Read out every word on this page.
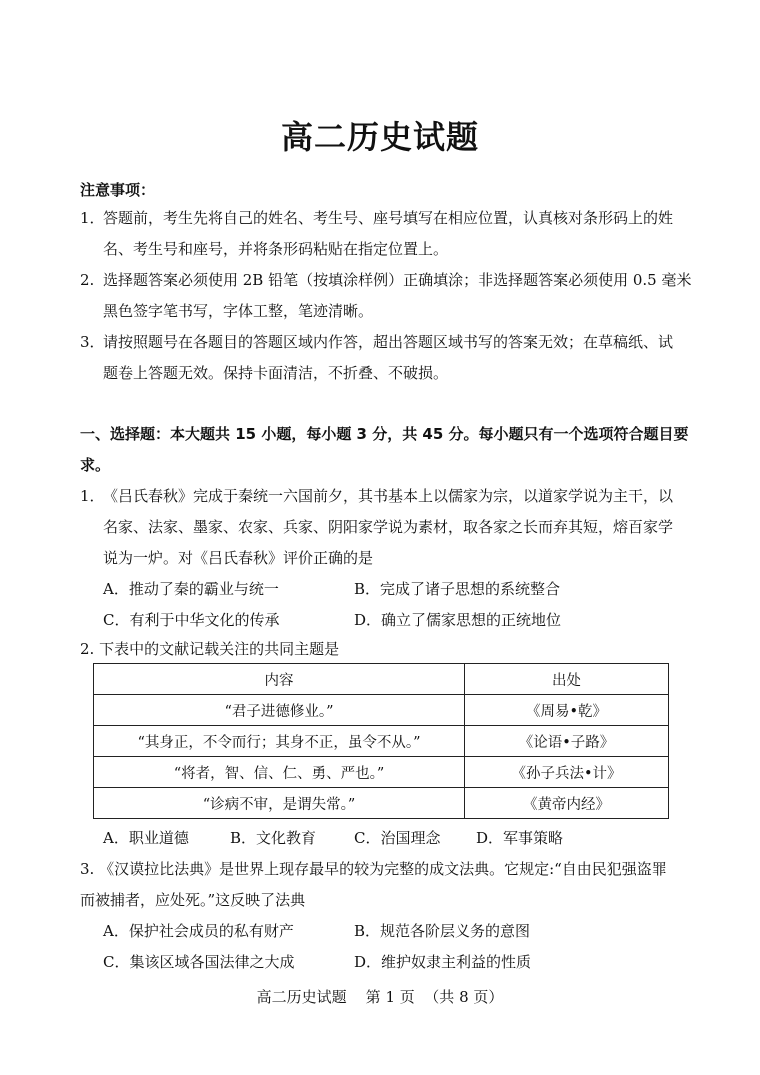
高二历史试题
注意事项：
1．
答题前，考生先将自己的姓名、考生号、座号填写在相应位置，认真核对条形码上的姓
名、考生号和座号，并将条形码粘贴在指定位置上。
2. 选择题答案必须使用 2B 铅笔（按填涂样例）正确填涂；非选择题答案必须使用 0.5 毫米
黑色签字笔书写，字体工整，笔迹清晰。
3．
请按照题号在各题目的答题区域内作答，超出答题区域书写的答案无效；在草稿纸、试
题卷上答题无效。保持卡面清洁，不折叠、不破损。
一、选择题：本大题共 15 小题，每小题 3 分，共 45 分。每小题只有一个选项符合题目要
求。
1．
《吕氏春秋》完成于秦统一六国前夕，其书基本上以儒家为宗，以道家学说为主干，以
名家、法家、墨家、农家、兵家、阴阳家学说为素材，取各家之长而弃其短，熔百家学
说为一炉。对《吕氏春秋》评价正确的是
A．推动了秦的霸业与统一	B．完成了诸子思想的系统整合
C．有利于中华文化的传承	D．确立了儒家思想的正统地位
2. 下表中的文献记载关注的共同主题是
内容	出处
“君子进德修业。”	《周易•乾》
“其身正，不令而行；其身不正，虽令不从。”	《论语•子路》
“将者，智、信、仁、勇、严也。”	《孙子兵法•计》
“诊病不审，是谓失常。”	《黄帝内经》
A．职业道德	B．文化教育	C．治国理念 D．军事策略
3. 《汉谟拉比法典》是世界上现存最早的较为完整的成文法典。它规定:“自由民犯强盗罪
而被捕者，应处死。”这反映了法典
A．保护社会成员的私有财产	B．规范各阶层义务的意图
C．集该区域各国法律之大成	D．维护奴隶主利益的性质
高二历史试题    第 1 页  （共 8 页）
